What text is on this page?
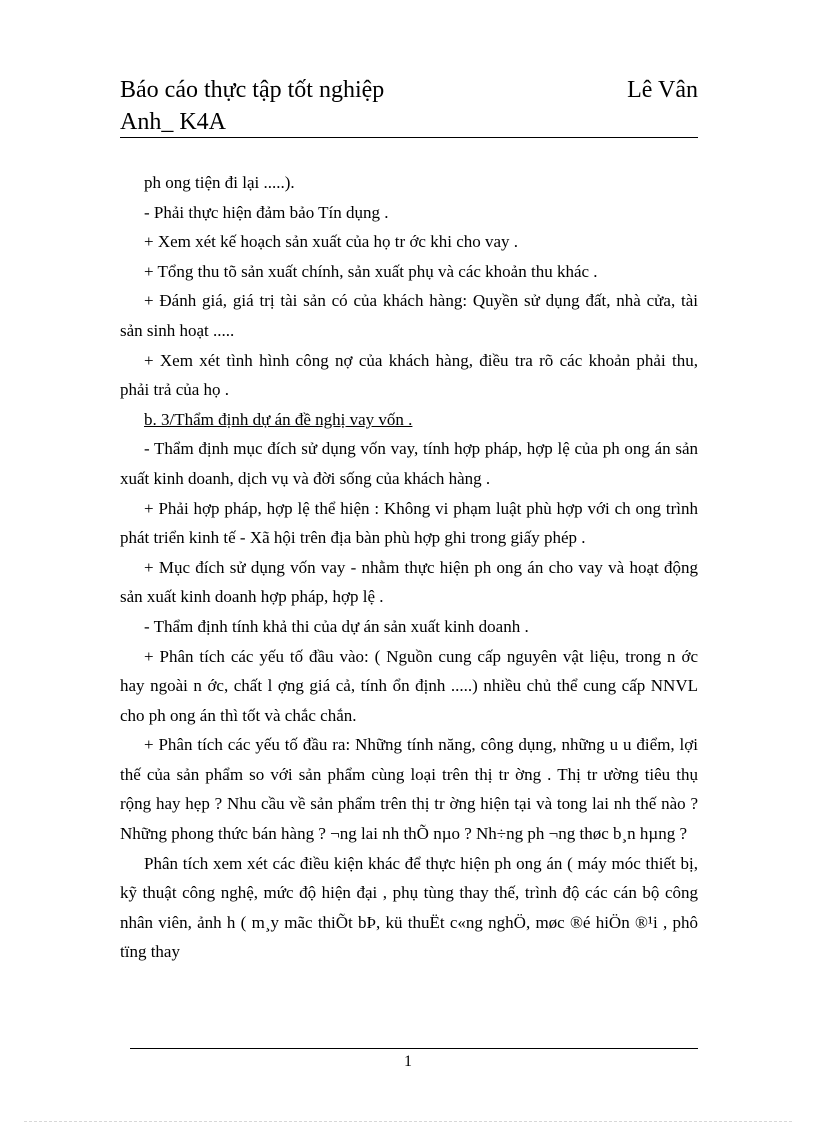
Báo cáo thực tập tốt nghiệp	Lê Vân
Anh_ K4A

ph ong tiện đi lại .....).

- Phải thực hiện đảm bảo Tín dụng .

+ Xem xét kế hoạch sản xuất của họ tr ớc khi cho vay .

+ Tổng thu tõ sản xuất chính, sản xuất phụ và các khoản thu khác .

+ Đánh giá, giá trị tài sản có của khách hàng: Quyền sử dụng đất, nhà cửa, tài sản sinh hoạt .....

+ Xem xét tình hình công nợ của khách hàng, điều tra rõ các khoản phải thu, phải trả của họ .

b. 3/Thẩm định dự án đề nghị vay vốn .

- Thẩm định mục đích sử dụng vốn vay, tính hợp pháp, hợp lệ của ph ong án sản xuất kinh doanh, dịch vụ và đời sống của khách hàng .

+ Phải hợp pháp, hợp lệ thể hiện : Không vi phạm luật phù hợp với ch ong trình phát triển kinh tế - Xã hội trên địa bàn phù hợp ghi trong giấy phép .

+ Mục đích sử dụng vốn vay - nhằm thực hiện ph ong án cho vay và hoạt động sản xuất kinh doanh hợp pháp, hợp lệ .

- Thẩm định tính khả thi của dự án sản xuất kinh doanh .

+ Phân tích các yếu tố đầu vào: ( Nguồn cung cấp nguyên vật liệu, trong n ớc hay ngoài n ớc, chất l ợng giá cả, tính ổn định .....) nhiều chủ thể cung cấp NNVL cho ph ong án thì tốt và chắc chắn.

+ Phân tích các yếu tố đầu ra: Những tính năng, công dụng, những u u điểm, lợi thế của sản phẩm so với sản phẩm cùng loại trên thị tr ờng . Thị tr ường tiêu thụ rộng hay hẹp ? Nhu cầu về sản phẩm trên thị tr ờng hiện tại và tong lai nh thế nào ? Những phong thức bán hàng ? ¬ng lai nh thÕ nµo ? Nh÷ng ph ¬ng thøc b¸n hµng ?

Phân tích xem xét các điều kiện khác để thực hiện ph ong án ( máy móc thiết bị, kỹ thuật công nghệ, mức độ hiện đại , phụ tùng thay thế, trình độ các cán bộ công nhân viên, ảnh h ( m¸y mãc thiÕt bÞ, kü thuËt c«ng nghÖ, møc ®é hiÖn ®¹i , phô tïng thay

1
